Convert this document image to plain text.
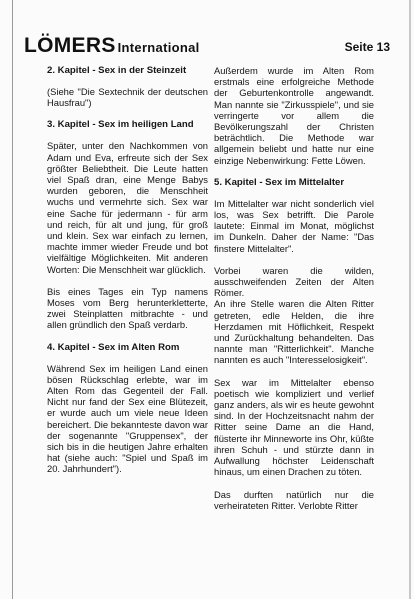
LÖMERS International	Seite 13
2. Kapitel - Sex in der Steinzeit
(Siehe "Die Sextechnik der deutschen Hausfrau")
3. Kapitel - Sex im heiligen Land
Später, unter den Nachkommen von Adam und Eva, erfreute sich der Sex größter Beliebtheit. Die Leute hatten viel Spaß dran, eine Menge Babys wurden geboren, die Menschheit wuchs und vermehrte sich. Sex war eine Sache für jedermann - für arm und reich, für alt und jung, für groß und klein. Sex war einfach zu lernen, machte immer wieder Freude und bot vielfältige Möglichkeiten. Mit anderen Worten: Die Menschheit war glücklich.
Bis eines Tages ein Typ namens Moses vom Berg herunterkletterte, zwei Steinplatten mitbrachte - und allen gründlich den Spaß verdarb.
4. Kapitel - Sex im Alten Rom
Während Sex im heiligen Land einen bösen Rückschlag erlebte, war im Alten Rom das Gegenteil der Fall. Nicht nur fand der Sex eine Blütezeit, er wurde auch um viele neue Ideen bereichert. Die bekannteste davon war der sogenannte "Gruppensex", der sich bis in die heutigen Jahre erhalten hat (siehe auch: "Spiel und Spaß im 20. Jahrhundert").
Außerdem wurde im Alten Rom erstmals eine erfolgreiche Methode der Geburtenkontrolle angewandt. Man nannte sie "Zirkusspiele", und sie verringerte vor allem die Bevölkerungszahl der Christen beträchtlich. Die Methode war allgemein beliebt und hatte nur eine einzige Nebenwirkung: Fette Löwen.
5. Kapitel - Sex im Mittelalter
Im Mittelalter war nicht sonderlich viel los, was Sex betrifft. Die Parole lautete: Einmal im Monat, möglichst im Dunkeln. Daher der Name: "Das finstere Mittelalter".
Vorbei waren die wilden, ausschweifenden Zeiten der Alten Römer.
An ihre Stelle waren die Alten Ritter getreten, edle Helden, die ihre Herzdamen mit Höflichkeit, Respekt und Zurückhaltung behandelten. Das nannte man "Ritterlichkeit". Manche nannten es auch "Interesselosigkeit".
Sex war im Mittelalter ebenso poetisch wie kompliziert und verlief ganz anders, als wir es heute gewohnt sind. In der Hochzeitsnacht nahm der Ritter seine Dame an die Hand, flüsterte ihr Minneworte ins Ohr, küßte ihren Schuh - und stürzte dann in Aufwallung höchster Leidenschaft hinaus, um einen Drachen zu töten.
Das durften natürlich nur die verheirateten Ritter. Verlobte Ritter
